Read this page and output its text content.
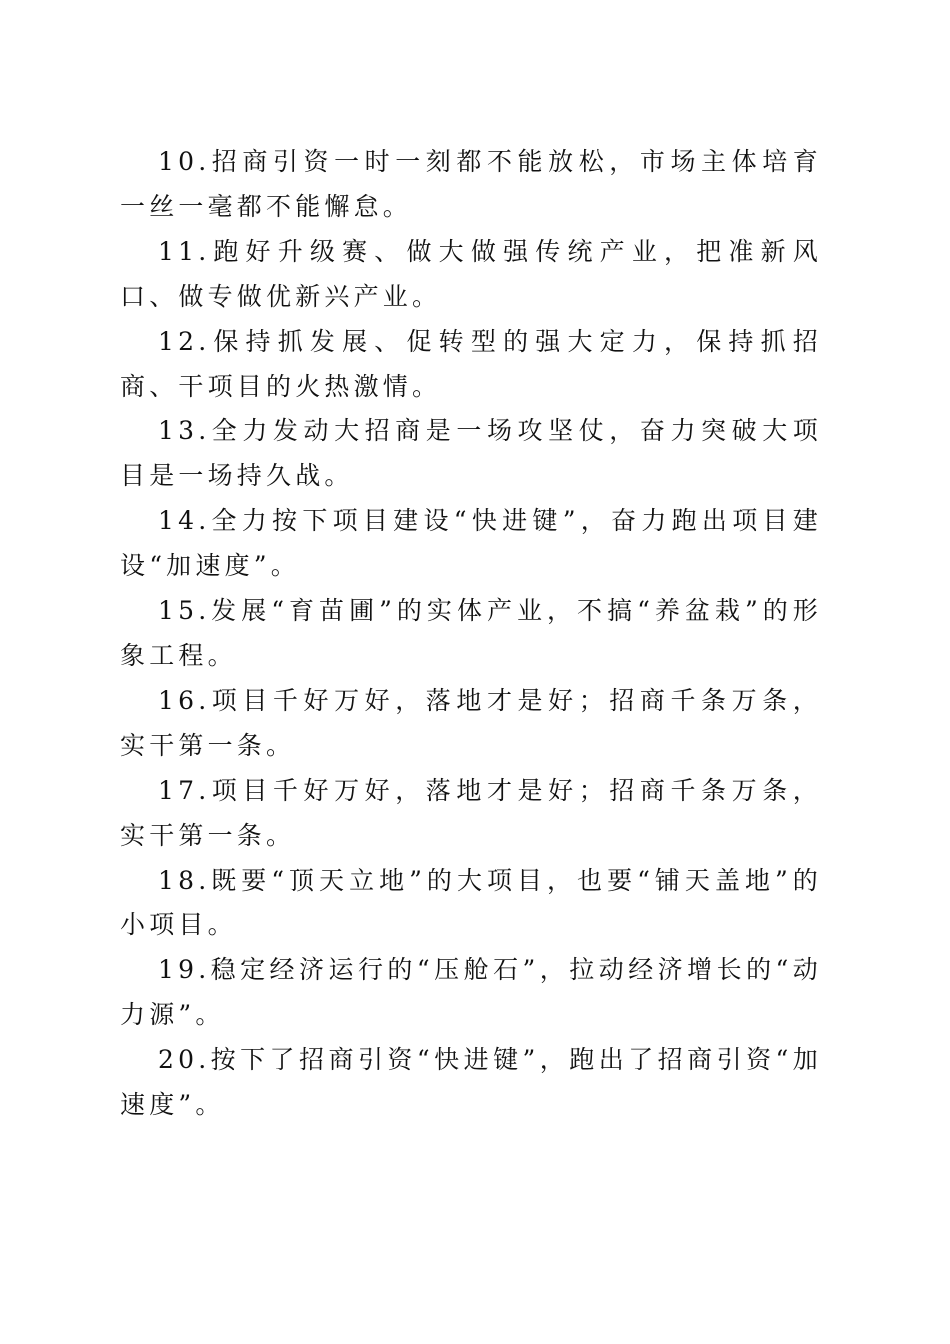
10.招商引资一时一刻都不能放松，市场主体培育一丝一毫都不能懈怠。

11.跑好升级赛、做大做强传统产业，把准新风口、做专做优新兴产业。

12.保持抓发展、促转型的强大定力，保持抓招商、干项目的火热激情。

13.全力发动大招商是一场攻坚仗，奋力突破大项目是一场持久战。

14.全力按下项目建设“快进键”，奋力跑出项目建设“加速度”。

15.发展“育苗圃”的实体产业，不搞“养盆栽”的形象工程。

16.项目千好万好，落地才是好；招商千条万条，实干第一条。

17.项目千好万好，落地才是好；招商千条万条，实干第一条。

18.既要“顶天立地”的大项目，也要“铺天盖地”的小项目。

19.稳定经济运行的“压舱石”，拉动经济增长的“动力源”。

20.按下了招商引资“快进键”，跑出了招商引资“加速度”。
